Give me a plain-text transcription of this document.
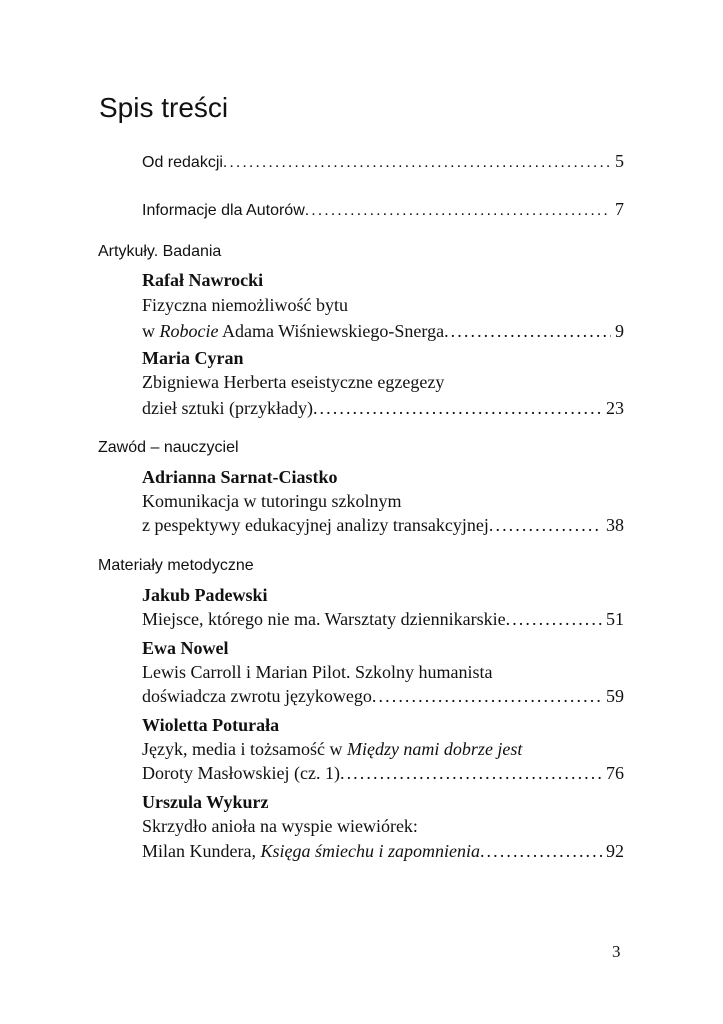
Spis treści
Od redakcji . . .	5
Informacje dla Autorów . . .	7
Artykuły. Badania
Rafał Nawrocki
Fizyczna niemożliwość bytu
w Robocie Adama Wiśniewskiego-Snerga . . .	9
Maria Cyran
Zbigniewa Herberta eseistyczne egzegezy
dzieł sztuki (przykłady) . . .	23
Zawód – nauczyciel
Adrianna Sarnat-Ciastko
Komunikacja w tutoringu szkolnym
z pespektywy edukacyjnej analizy transakcyjnej . . .	38
Materiały metodyczne
Jakub Padewski
Miejsce, którego nie ma. Warsztaty dziennikarskie . . .	51
Ewa Nowel
Lewis Carroll i Marian Pilot. Szkolny humanista
doświadcza zwrotu językowego . . .	59
Wioletta Poturała
Język, media i tożsamość w Między nami dobrze jest
Doroty Masłowskiej (cz. 1) . . .	76
Urszula Wykurz
Skrzydło anioła na wyspie wiewiórek:
Milan Kundera, Księga śmiechu i zapomnienia . . .	92
3
